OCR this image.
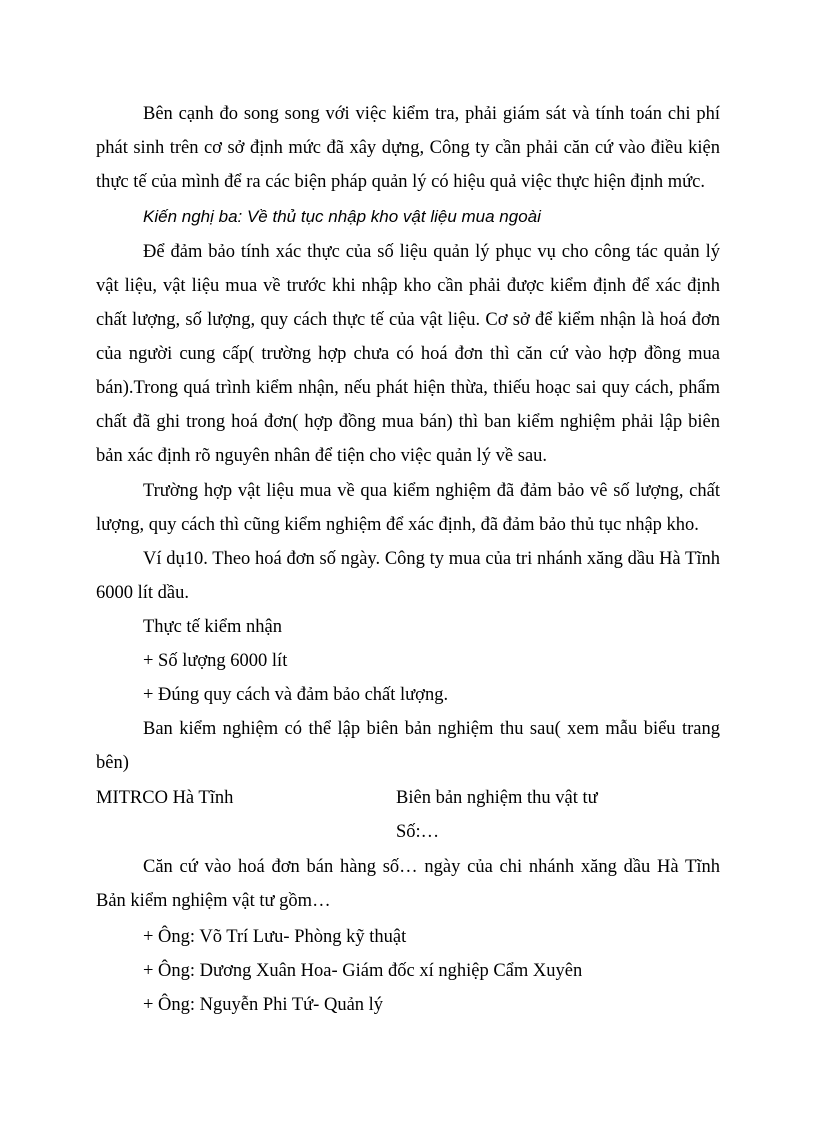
Bên cạnh đo song song với việc kiểm tra, phải giám sát và tính toán chi phí phát sinh trên cơ sở định mức đã xây dựng, Công ty cần phải căn cứ vào điều kiện thực tế của mình để ra các biện pháp quản lý có hiệu quả việc thực hiện định mức.

Kiến nghị ba: Về thủ tục nhập kho vật liệu mua ngoài

Để đảm bảo tính xác thực của số liệu quản lý phục vụ cho công tác quản lý vật liệu, vật liệu mua về trước khi nhập kho cần phải được kiểm định để xác định chất lượng, số lượng, quy cách thực tế của vật liệu. Cơ sở để kiểm nhận là hoá đơn của người cung cấp( trường hợp chưa có hoá đơn thì căn cứ vào hợp đồng mua bán).Trong quá trình kiểm nhận, nếu phát hiện thừa, thiếu hoạc sai quy cách, phẩm chất đã ghi trong hoá đơn( hợp đồng mua bán) thì ban kiểm nghiệm phải lập biên bản xác định rõ nguyên nhân để tiện cho việc quản lý về sau.

Trường hợp vật liệu mua về qua kiểm nghiệm đã đảm bảo vê số lượng, chất lượng, quy cách thì cũng kiểm nghiệm để xác định, đã đảm bảo thủ tục nhập kho.

Ví dụ10. Theo hoá đơn số ngày. Công ty mua của tri nhánh xăng dầu Hà Tĩnh 6000 lít dầu.

Thực tế kiểm nhận

+ Số lượng 6000 lít

+ Đúng quy cách và đảm bảo chất lượng.

Ban kiểm nghiệm có thể lập biên bản nghiệm thu sau( xem mẫu biểu trang bên)

MITRCO Hà Tĩnh	Biên bản nghiệm thu vật tư
Số:…

Căn cứ vào hoá đơn bán hàng số… ngày của chi nhánh xăng dầu Hà Tĩnh Bản kiểm nghiệm vật tư gồm…

+ Ông: Võ Trí Lưu- Phòng kỹ thuật

+ Ông: Dương Xuân Hoa- Giám đốc xí nghiệp Cẩm Xuyên

+ Ông: Nguyễn Phi Tứ- Quản lý
